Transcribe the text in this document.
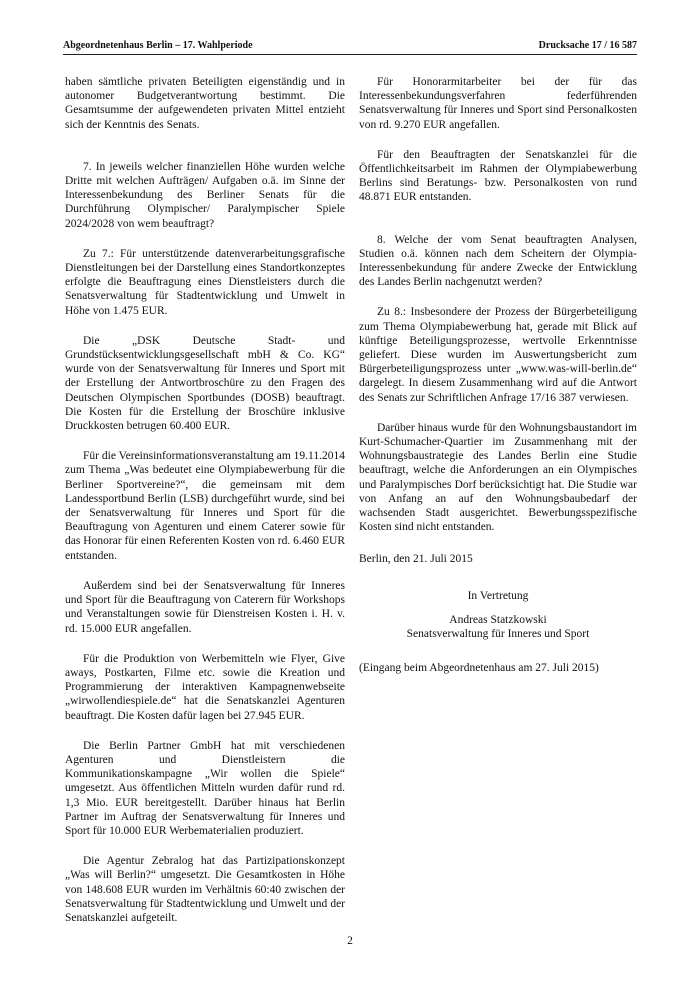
Abgeordnetenhaus Berlin – 17. Wahlperiode	Drucksache 17 / 16 587

haben sämtliche privaten Beteiligten eigenständig und in autonomer Budgetverantwortung bestimmt. Die Gesamtsumme der aufgewendeten privaten Mittel entzieht sich der Kenntnis des Senats.

7. In jeweils welcher finanziellen Höhe wurden welche Dritte mit welchen Aufträgen/ Aufgaben o.ä. im Sinne der Interessenbekundung des Berliner Senats für die Durchführung Olympischer/ Paralympischer Spiele 2024/2028 von wem beauftragt?

Zu 7.: Für unterstützende datenverarbeitungsgrafische Dienstleitungen bei der Darstellung eines Standortkonzeptes erfolgte die Beauftragung eines Dienstleisters durch die Senatsverwaltung für Stadtentwicklung und Umwelt in Höhe von 1.475 EUR.

Die „DSK Deutsche Stadt- und Grundstücksentwicklungsgesellschaft mbH & Co. KG“ wurde von der Senatsverwaltung für Inneres und Sport mit der Erstellung der Antwortbroschüre zu den Fragen des Deutschen Olympischen Sportbundes (DOSB) beauftragt. Die Kosten für die Erstellung der Broschüre inklusive Druckkosten betrugen 60.400 EUR.

Für die Vereinsinformationsveranstaltung am 19.11.2014 zum Thema „Was bedeutet eine Olympiabewerbung für die Berliner Sportvereine?“, die gemeinsam mit dem Landessportbund Berlin (LSB) durchgeführt wurde, sind bei der Senatsverwaltung für Inneres und Sport für die Beauftragung von Agenturen und einem Caterer sowie für das Honorar für einen Referenten Kosten von rd. 6.460 EUR entstanden.

Außerdem sind bei der Senatsverwaltung für Inneres und Sport für die Beauftragung von Caterern für Workshops und Veranstaltungen sowie für Dienstreisen Kosten i. H. v. rd. 15.000 EUR angefallen.

Für die Produktion von Werbemitteln wie Flyer, Give aways, Postkarten, Filme etc. sowie die Kreation und Programmierung der interaktiven Kampagnenwebseite „wirwollendiespiele.de“ hat die Senatskanzlei Agenturen beauftragt. Die Kosten dafür lagen bei 27.945 EUR.

Die Berlin Partner GmbH hat mit verschiedenen Agenturen und Dienstleistern die Kommunikationskampagne „Wir wollen die Spiele“ umgesetzt. Aus öffentlichen Mitteln wurden dafür rund rd. 1,3 Mio. EUR bereitgestellt. Darüber hinaus hat Berlin Partner im Auftrag der Senatsverwaltung für Inneres und Sport für 10.000 EUR Werbematerialien produziert.

Die Agentur Zebralog hat das Partizipationskonzept „Was will Berlin?“ umgesetzt. Die Gesamtkosten in Höhe von 148.608 EUR wurden im Verhältnis 60:40 zwischen der Senatsverwaltung für Stadtentwicklung und Umwelt und der Senatskanzlei aufgeteilt.

Für Honorarmitarbeiter bei der für das Interessenbekundungsverfahren federführenden Senatsverwaltung für Inneres und Sport sind Personalkosten von rd. 9.270 EUR angefallen.

Für den Beauftragten der Senatskanzlei für die Öffentlichkeitsarbeit im Rahmen der Olympiabewerbung Berlins sind Beratungs- bzw. Personalkosten von rund 48.871 EUR entstanden.

8. Welche der vom Senat beauftragten Analysen, Studien o.ä. können nach dem Scheitern der Olympia-Interessenbekundung für andere Zwecke der Entwicklung des Landes Berlin nachgenutzt werden?

Zu 8.: Insbesondere der Prozess der Bürgerbeteiligung zum Thema Olympiabewerbung hat, gerade mit Blick auf künftige Beteiligungsprozesse, wertvolle Erkenntnisse geliefert. Diese wurden im Auswertungsbericht zum Bürgerbeteiligungsprozess unter „www.was-will-berlin.de“ dargelegt. In diesem Zusammenhang wird auf die Antwort des Senats zur Schriftlichen Anfrage 17/16 387 verwiesen.

Darüber hinaus wurde für den Wohnungsbaustandort im Kurt-Schumacher-Quartier im Zusammenhang mit der Wohnungsbaustrategie des Landes Berlin eine Studie beauftragt, welche die Anforderungen an ein Olympisches und Paralympisches Dorf berücksichtigt hat. Die Studie war von Anfang an auf den Wohnungsbaubedarf der wachsenden Stadt ausgerichtet. Bewerbungsspezifische Kosten sind nicht entstanden.

Berlin, den 21. Juli 2015

In Vertretung

Andreas Statzkowski

Senatsverwaltung für Inneres und Sport

(Eingang beim Abgeordnetenhaus am 27. Juli 2015)

2
